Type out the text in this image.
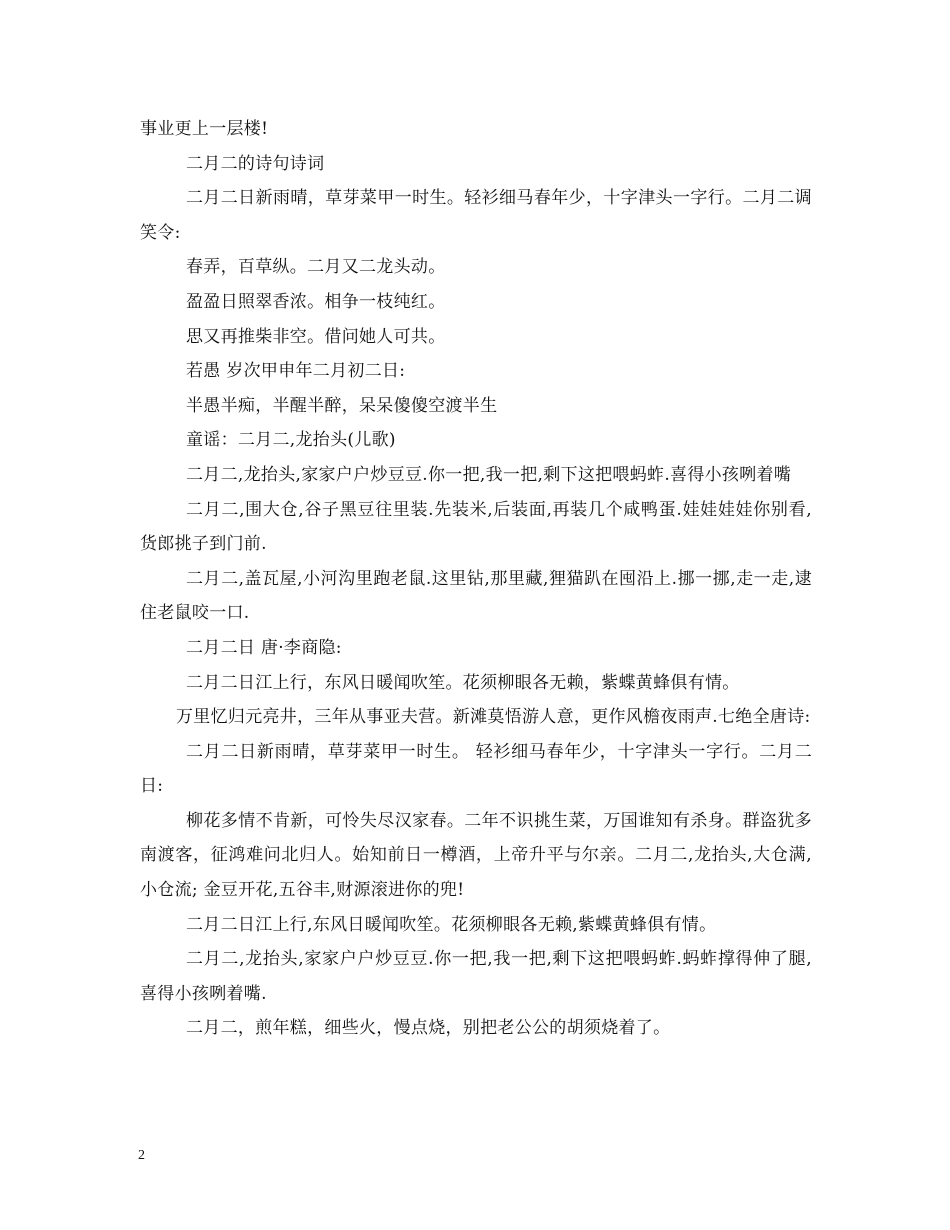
事业更上一层楼!

二月二的诗句诗词

二月二日新雨晴，草芽菜甲一时生。轻衫细马春年少，十字津头一字行。二月二调笑令:

春弄，百草纵。二月又二龙头动。

盈盈日照翠香浓。相争一枝纯红。

思又再推柴非空。借问她人可共。

若愚 岁次甲申年二月初二日:

半愚半痴，半醒半醉，呆呆傻傻空渡半生

童谣：二月二,龙抬头(儿歌)

二月二,龙抬头,家家户户炒豆豆.你一把,我一把,剩下这把喂蚂蚱.喜得小孩咧着嘴

二月二,围大仓,谷子黑豆往里装.先装米,后装面,再装几个咸鸭蛋.娃娃娃娃你别看,货郎挑子到门前.

二月二,盖瓦屋,小河沟里跑老鼠.这里钻,那里藏,狸猫趴在囤沿上.挪一挪,走一走,逮住老鼠咬一口.

二月二日 唐·李商隐:

二月二日江上行，东风日暖闻吹笙。花须柳眼各无赖，紫蝶黄蜂俱有情。

万里忆归元亮井，三年从事亚夫营。新滩莫悟游人意，更作风檐夜雨声.七绝全唐诗:

二月二日新雨晴，草芽菜甲一时生。 轻衫细马春年少，十字津头一字行。二月二日:

柳花多情不肯新，可怜失尽汉家春。二年不识挑生菜，万国谁知有杀身。群盗犹多南渡客，征鸿难问北归人。始知前日一樽酒，上帝升平与尔亲。二月二,龙抬头,大仓满,小仓流; 金豆开花,五谷丰,财源滚进你的兜!

二月二日江上行,东风日暖闻吹笙。花须柳眼各无赖,紫蝶黄蜂俱有情。

二月二,龙抬头,家家户户炒豆豆.你一把,我一把,剩下这把喂蚂蚱.蚂蚱撑得伸了腿,喜得小孩咧着嘴.

二月二，煎年糕，细些火，慢点烧，别把老公公的胡须烧着了。

2
